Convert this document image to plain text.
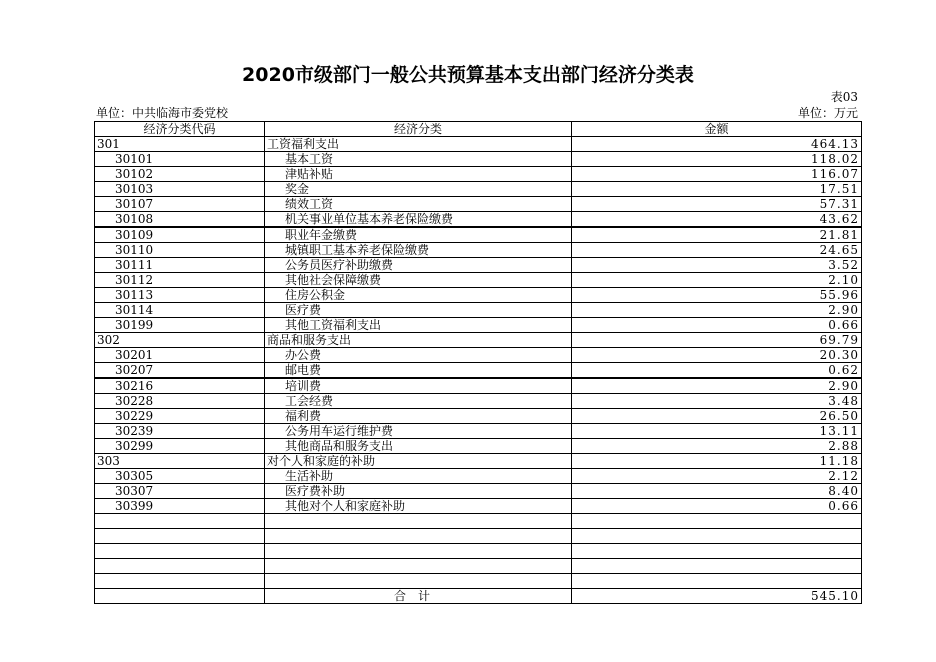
2020市级部门一般公共预算基本支出部门经济分类表
表03
单位：中共临海市委党校	单位：万元
经济分类代码	经济分类	金额
301	工资福利支出	464.13
30101	基本工资	118.02
30102	津贴补贴	116.07
30103	奖金	17.51
30107	绩效工资	57.31
30108	机关事业单位基本养老保险缴费	43.62
30109	职业年金缴费	21.81
30110	城镇职工基本养老保险缴费	24.65
30111	公务员医疗补助缴费	3.52
30112	其他社会保障缴费	2.10
30113	住房公积金	55.96
30114	医疗费	2.90
30199	其他工资福利支出	0.66
302	商品和服务支出	69.79
30201	办公费	20.30
30207	邮电费	0.62
30216	培训费	2.90
30228	工会经费	3.48
30229	福利费	26.50
30239	公务用车运行维护费	13.11
30299	其他商品和服务支出	2.88
303	对个人和家庭的补助	11.18
30305	生活补助	2.12
30307	医疗费补助	8.40
30399	其他对个人和家庭补助	0.66

	合计	545.10
